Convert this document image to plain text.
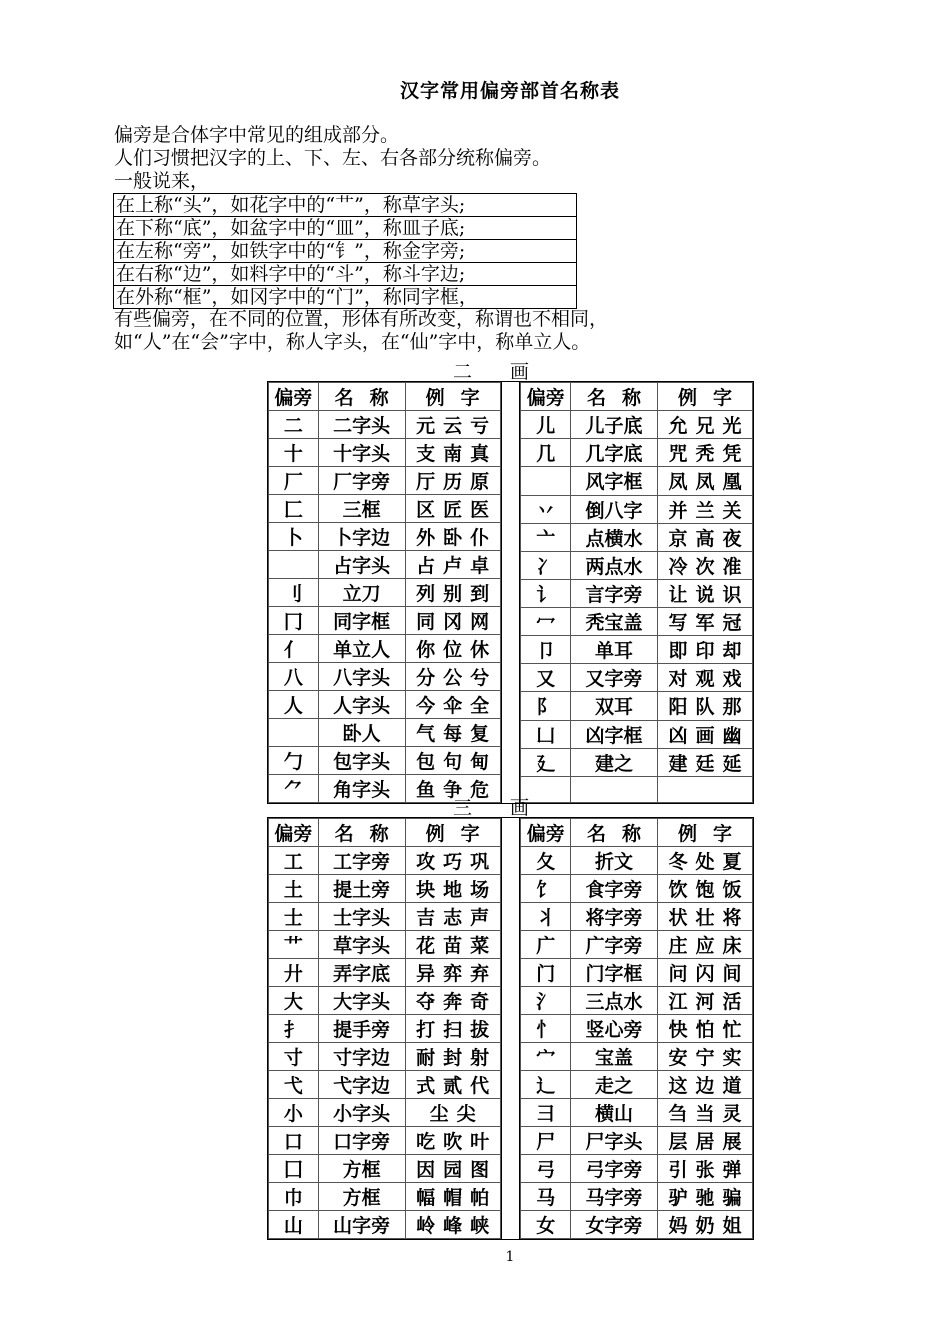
汉字常用偏旁部首名称表
偏旁是合体字中常见的组成部分。
人们习惯把汉字的上、下、左、右各部分统称偏旁。
一般说来，
在上称“头”，如花字中的“艹”，称草字头;
在下称“底”，如盆字中的“皿”，称皿子底;
在左称“旁”，如铁字中的“钅”，称金字旁;
在右称“边”，如料字中的“斗”，称斗字边;
在外称“框”，如冈字中的“门”，称同字框，
有些偏旁，在不同的位置，形体有所改变，称谓也不相同，
如“人”在“会”字中，称人字头，在“仙”字中，称单立人。
二画
偏旁	名称	例字
二	二字头	元云亏
十	十字头	支南真
厂	厂字旁	厅历原
匚	三框	区匠医
卜	卜字边	外卧仆
	占字头	占卢卓
刂	立刀	列别到
冂	同字框	同冈网
亻	单立人	你位休
八	八字头	分公兮
人	人字头	今伞全
	卧人	气每复
勹	包字头	包句甸
⺈	角字头	鱼争危
偏旁	名称	例字
儿	儿子底	允兄光
几	几字底	咒秃凭
	风字框	凤凤凰
丷	倒八字	并兰关
亠	点横水	京高夜
冫	两点水	冷次准
讠	言字旁	让说识
冖	秃宝盖	写军冠
卩	单耳	即印却
又	又字旁	对观戏
阝	双耳	阳队那
凵	凶字框	凶画幽
廴	建之	建廷延

三画
偏旁	名称	例字
工	工字旁	攻巧巩
土	提土旁	块地场
士	士字头	吉志声
艹	草字头	花苗菜
廾	弄字底	异弈弃
大	大字头	夺奔奇
扌	提手旁	打扫拔
寸	寸字边	耐封射
弋	弋字边	式贰代
小	小字头	尘尖
口	口字旁	吃吹叶
囗	方框	因园图
巾	方框	幅帽帕
山	山字旁	岭峰峡
偏旁	名称	例字
夂	折文	冬处夏
饣	食字旁	饮饱饭
丬	将字旁	状壮将
广	广字旁	庄应床
门	门字框	问闪间
氵	三点水	江河活
忄	竖心旁	快怕忙
宀	宝盖	安宁实
辶	走之	这边道
彐	横山	刍当灵
尸	尸字头	层居展
弓	弓字旁	引张弹
马	马字旁	驴驰骗
女	女字旁	妈奶姐
1
